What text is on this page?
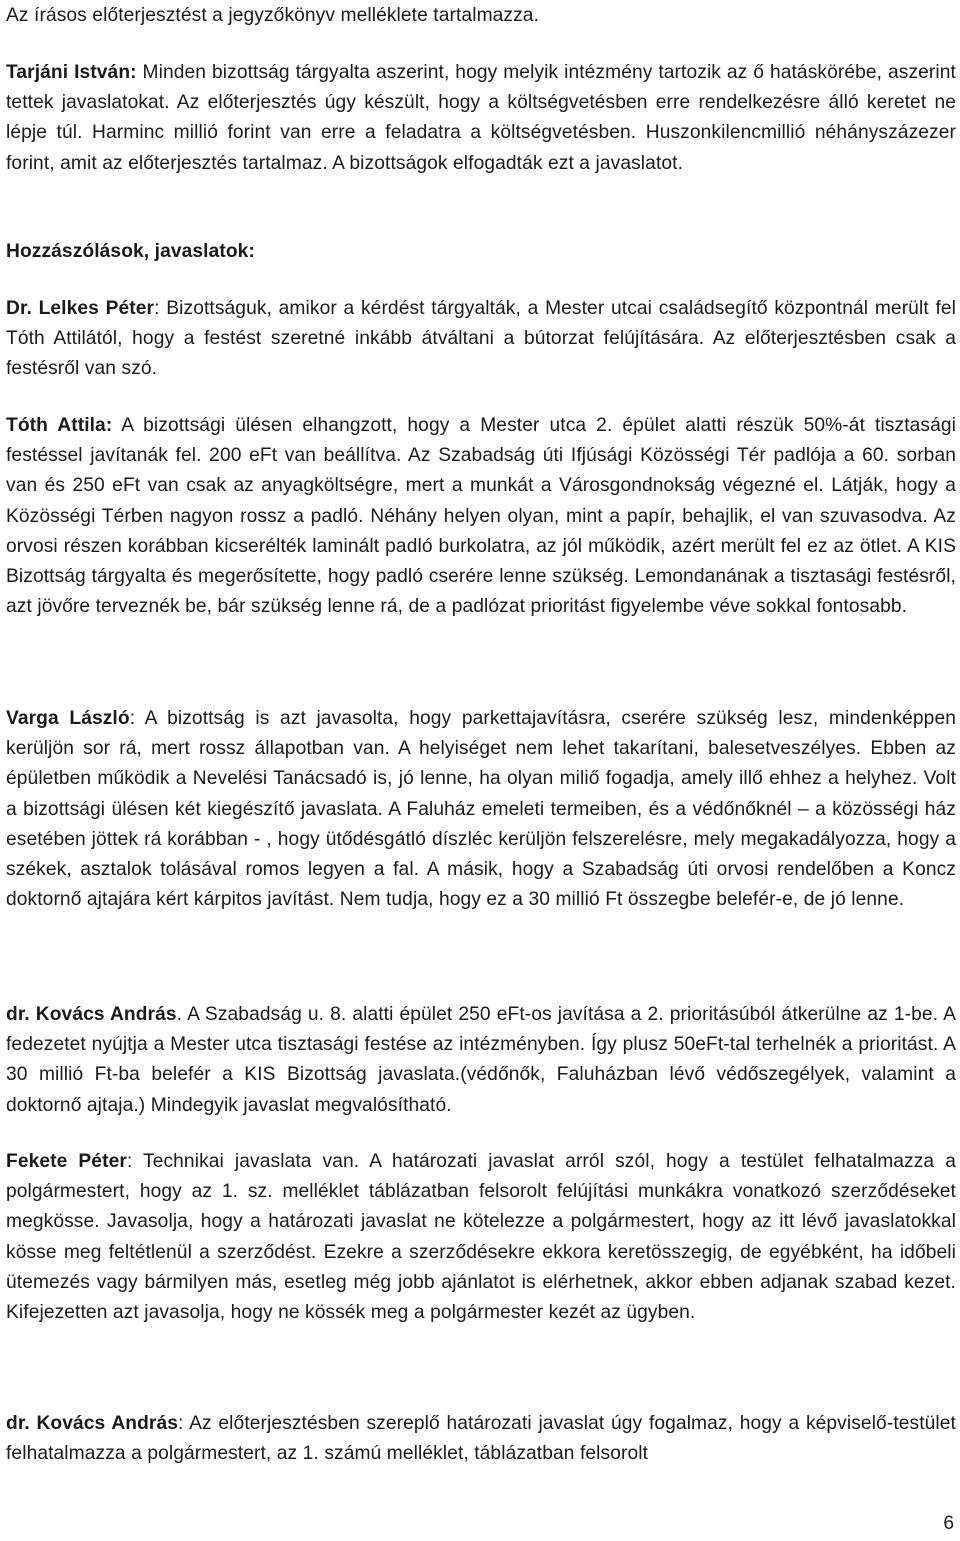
Az írásos előterjesztést a jegyzőkönyv melléklete tartalmazza.

Tarjáni István: Minden bizottság tárgyalta aszerint, hogy melyik intézmény tartozik az ő hatáskörébe, aszerint tettek javaslatokat. Az előterjesztés úgy készült, hogy a költségvetésben erre rendelkezésre álló keretet ne lépje túl. Harminc millió forint van erre a feladatra a költségvetésben. Huszonkilencmillió néhányszázezer forint, amit az előterjesztés tartalmaz. A bizottságok elfogadták ezt a javaslatot.

Hozzászólások, javaslatok:

Dr. Lelkes Péter: Bizottságuk, amikor a kérdést tárgyalták, a Mester utcai családsegítő központnál merült fel Tóth Attilától, hogy a festést szeretné inkább átváltani a bútorzat felújítására. Az előterjesztésben csak a festésről van szó.

Tóth Attila: A bizottsági ülésen elhangzott, hogy a Mester utca 2. épület alatti részük 50%-át tisztasági festéssel javítanák fel. 200 eFt van beállítva. Az Szabadság úti Ifjúsági Közösségi Tér padlója a 60. sorban van és 250 eFt van csak az anyagköltségre, mert a munkát a Városgondnokság végezné el. Látják, hogy a Közösségi Térben nagyon rossz a padló. Néhány helyen olyan, mint a papír, behajlik, el van szuvasodva. Az orvosi részen korábban kicserélték laminált padló burkolatra, az jól működik, azért merült fel ez az ötlet. A KIS Bizottság tárgyalta és megerősítette, hogy padló cserére lenne szükség. Lemondanának a tisztasági festésről, azt jövőre terveznék be, bár szükség lenne rá, de a padlózat prioritást figyelembe véve sokkal fontosabb.

Varga László: A bizottság is azt javasolta, hogy parkettajavításra, cserére szükség lesz, mindenképpen kerüljön sor rá, mert rossz állapotban van. A helyiséget nem lehet takarítani, balesetveszélyes. Ebben az épületben működik a Nevelési Tanácsadó is, jó lenne, ha olyan miliő fogadja, amely illő ehhez a helyhez. Volt a bizottsági ülésen két kiegészítő javaslata. A Faluház emeleti termeiben, és a védőnőknél – a közösségi ház esetében jöttek rá korábban - , hogy ütődésgátló díszléc kerüljön felszerelésre, mely megakadályozza, hogy a székek, asztalok tolásával romos legyen a fal. A másik, hogy a Szabadság úti orvosi rendelőben a Koncz doktornő ajtajára kért kárpitos javítást. Nem tudja, hogy ez a 30 millió Ft összegbe belefér-e, de jó lenne.

dr. Kovács András. A Szabadság u. 8. alatti épület 250 eFt-os javítása a 2. prioritásúból átkerülne az 1-be. A fedezetet nyújtja a Mester utca tisztasági festése az intézményben. Így plusz 50eFt-tal terhelnék a prioritást. A 30 millió Ft-ba belefér a KIS Bizottság javaslata.(védőnők, Faluházban lévő védőszegélyek, valamint a doktornő ajtaja.) Mindegyik javaslat megvalósítható.

Fekete Péter: Technikai javaslata van. A határozati javaslat arról szól, hogy a testület felhatalmazza a polgármestert, hogy az 1. sz. melléklet táblázatban felsorolt felújítási munkákra vonatkozó szerződéseket megkösse. Javasolja, hogy a határozati javaslat ne kötelezze a polgármestert, hogy az itt lévő javaslatokkal kösse meg feltétlenül a szerződést. Ezekre a szerződésekre ekkora keretösszegig, de egyébként, ha időbeli ütemezés vagy bármilyen más, esetleg még jobb ajánlatot is elérhetnek, akkor ebben adjanak szabad kezet. Kifejezetten azt javasolja, hogy ne kössék meg a polgármester kezét az ügyben.

dr. Kovács András: Az előterjesztésben szereplő határozati javaslat úgy fogalmaz, hogy a képviselő-testület felhatalmazza a polgármestert, az 1. számú melléklet, táblázatban felsorolt

6
